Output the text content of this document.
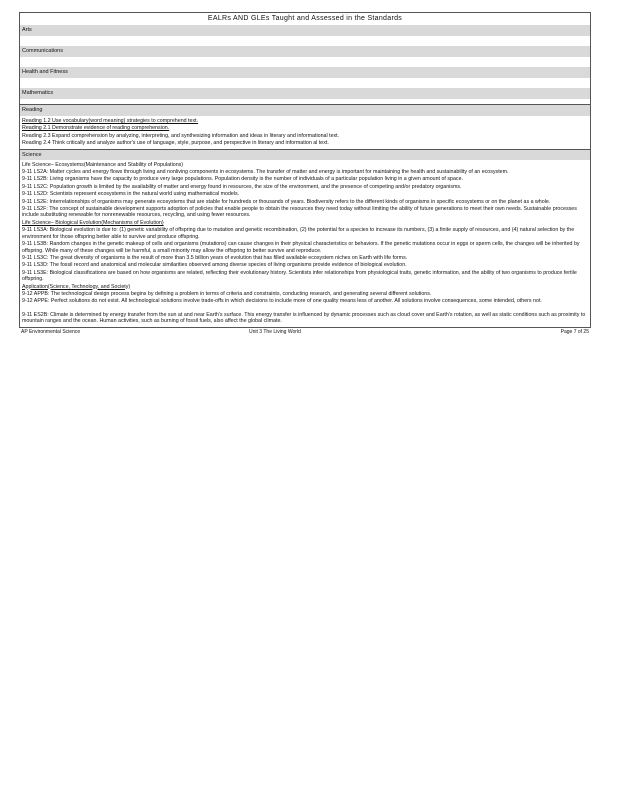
EALRs AND GLEs Taught and Assessed in the Standards
Arts
Communications
Health and Fitness
Mathematics
Reading

Reading 1.2 Use vocabulary(word meaning) strategies to comprehend text.

Reading 2.1 Demonstrate evidence of reading comprehension.

Reading 2.3 Expand comprehension by analyzing, interpreting, and synthesizing information and ideas in literary and informational text.

Reading 2.4 Think critically and analyze author's use of language, style, purpose, and perspective in literary and information al text.

Science

Life Science– Ecosystems(Maintenance and Stability of Populations)

9-11 LS2A: Matter cycles and energy flows through living and nonliving components in ecosystems. The transfer of matter and energy is important for maintaining the health and sustainability of an ecosystem.

9-11 LS2B: Living organisms have the capacity to produce very large populations. Population density is the number of individuals of a particular population living in a given amount of space.

9-11 LS2C: Population growth is limited by the availability of matter and energy found in resources, the size of the environment, and the presence of competing and/or predatory organisms.

9-11 LS2D: Scientists represent ecosystems in the natural world using mathematical models.

9-11 LS2E: Interrelationships of organisms may generate ecosystems that are stable for hundreds or thousands of years. Biodiversity refers to the different kinds of organisms in specific ecosystems or on the planet as a whole.

9-11 LS2F: The concept of sustainable development supports adoption of policies that enable people to obtain the resources they need today without limiting the ability of future generations to meet their own needs. Sustainable processes include substituting renewable for nonrenewable resources, recycling, and using fewer resources.

Life Science– Biological Evolution(Mechanisms of Evolution)

9-11 LS3A: Biological evolution is due to: (1) genetic variability of offspring due to mutation and genetic recombination, (2) the potential for a species to increase its numbers, (3) a finite supply of resources, and (4) natural selection by the environment for those offspring better able to survive and produce offspring.

9-11 LS3B: Random changes in the genetic makeup of cells and organisms (mutations) can cause changes in their physical characteristics or behaviors. If the genetic mutations occur in eggs or sperm cells, the changes will be inherited by offspring. While many of these changes will be harmful, a small minority may allow the offspring to better survive and reproduce.

9-11 LS3C: The great diversity of organisms is the result of more than 3.5 billion years of evolution that has filled available ecosystem niches on Earth with life forms.

9-11 LS3D: The fossil record and anatomical and molecular similarities observed among diverse species of living organisms provide evidence of biological evolution.

9-11 LS3E: Biological classifications are based on how organisms are related, reflecting their evolutionary history. Scientists infer relationships from physiological traits, genetic information, and the ability of two organisms to produce fertile offspring.

Application(Science, Technology, and Society)

9-12 APPB: The technological design process begins by defining a problem in terms of criteria and constraints, conducting research, and generating several different solutions.

9-12 APPE: Perfect solutions do not exist. All technological solutions involve trade-offs in which decisions to include more of one quality means less of another. All solutions involve consequences, some intended, others not.

9-11 ES2B: Climate is determined by energy transfer from the sun at and near Earth's surface. This energy transfer is influenced by dynamic processes such as cloud cover and Earth's rotation, as well as static conditions such as proximity to mountain ranges and the ocean. Human activities, such as burning of fossil fuels, also affect the global climate.

AP Environmental Science	Unit 3 The Living World	Page 7 of 25
